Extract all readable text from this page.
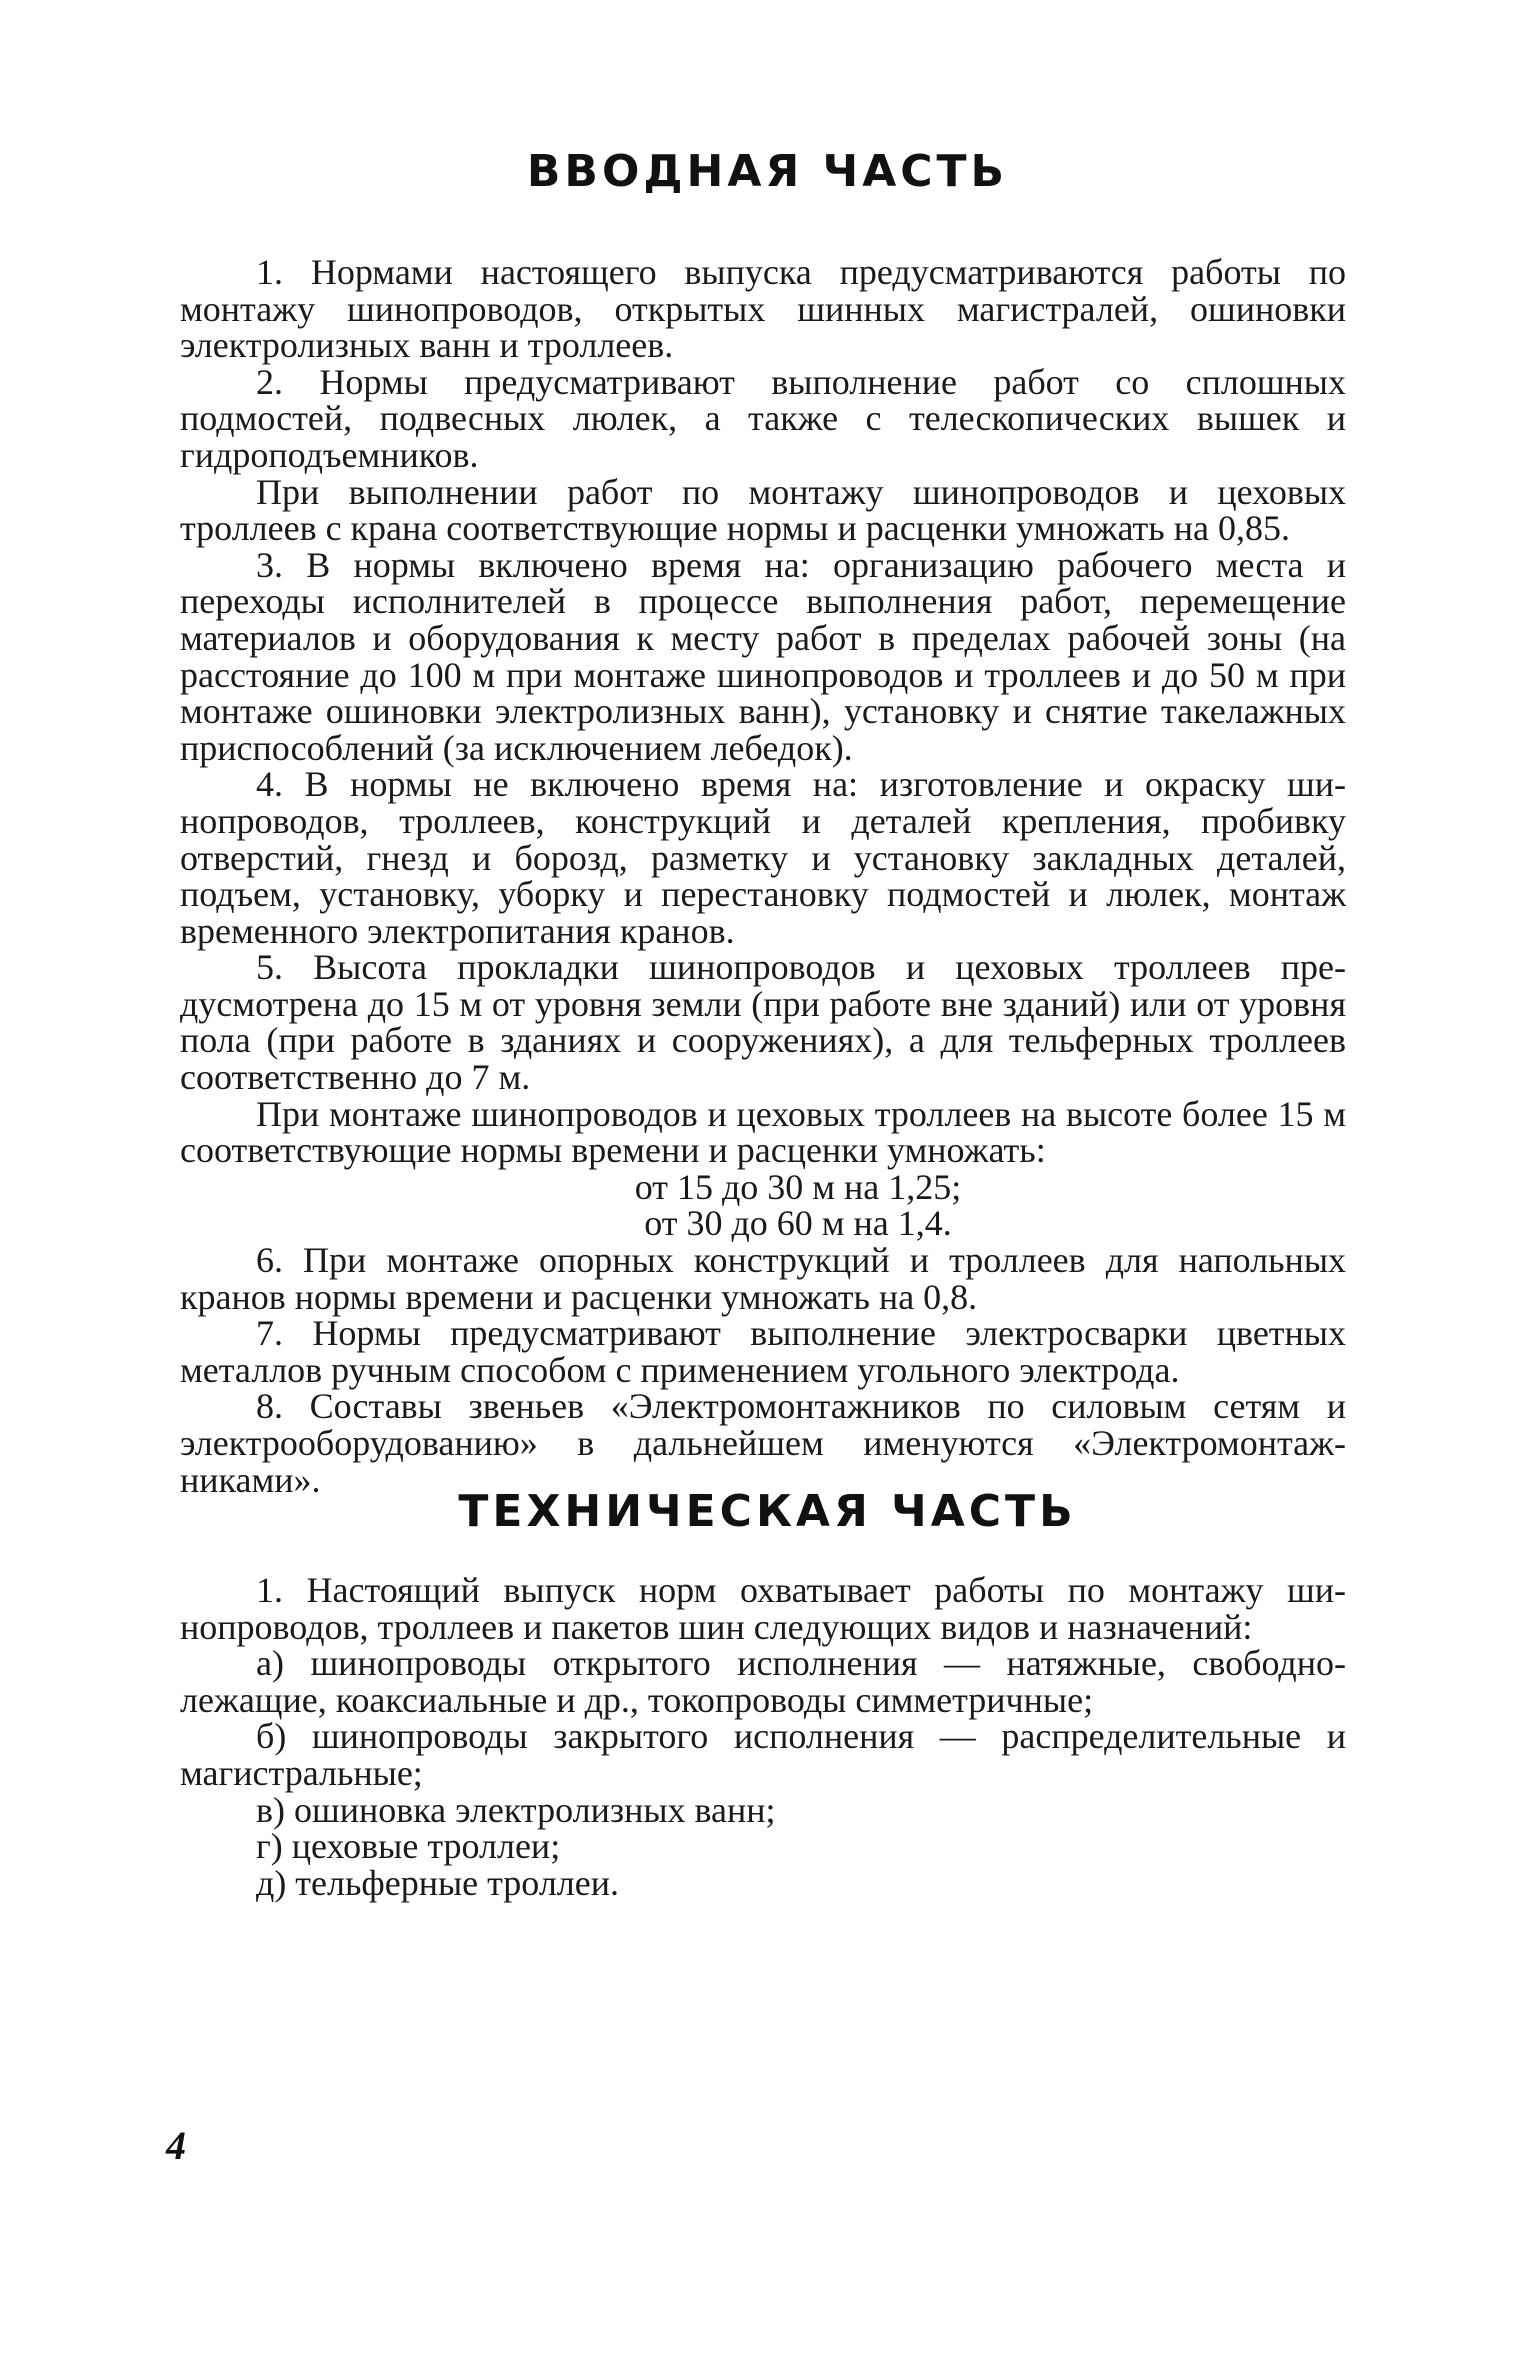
ВВОДНАЯ ЧАСТЬ

1. Нормами настоящего выпуска предусматриваются работы по монтажу шинопроводов, открытых шинных магистралей, ошиновки электролизных ванн и троллеев.

2. Нормы предусматривают выполнение работ со сплошных подмостей, подвесных люлек, а также с телескопических вышек и гидроподъемников.

При выполнении работ по монтажу шинопроводов и цеховых троллеев с крана соответствующие нормы и расценки умножать на 0,85.

3. В нормы включено время на: организацию рабочего места и переходы исполнителей в процессе выполнения работ, перемещение материалов и оборудования к месту работ в пределах рабочей зоны (на расстояние до 100 м при монтаже шинопроводов и троллеев и до 50 м при монтаже ошиновки электролизных ванн), установку и снятие такелажных приспособлений (за исключением лебедок).

4. В нормы не включено время на: изготовление и окраску шинопроводов, троллеев, конструкций и деталей крепления, пробивку отверстий, гнезд и борозд, разметку и установку закладных деталей, подъем, установку, уборку и перестановку подмостей и люлек, монтаж временного электропитания кранов.

5. Высота прокладки шинопроводов и цеховых троллеев предусмотрена до 15 м от уровня земли (при работе вне зданий) или от уровня пола (при работе в зданиях и сооружениях), а для тельферных троллеев соответственно до 7 м.

При монтаже шинопроводов и цеховых троллеев на высоте более 15 м соответствующие нормы времени и расценки умножать:

от 15 до 30 м на 1,25;

от 30 до 60 м на 1,4.

6. При монтаже опорных конструкций и троллеев для напольных кранов нормы времени и расценки умножать на 0,8.

7. Нормы предусматривают выполнение электросварки цветных металлов ручным способом с применением угольного электрода.

8. Составы звеньев «Электромонтажников по силовым сетям и электрооборудованию» в дальнейшем именуются «Электромонтажниками».

ТЕХНИЧЕСКАЯ ЧАСТЬ

1. Настоящий выпуск норм охватывает работы по монтажу шинопроводов, троллеев и пакетов шин следующих видов и назначений:

а) шинопроводы открытого исполнения — натяжные, свободнолежащие, коаксиальные и др., токопроводы симметричные;

б) шинопроводы закрытого исполнения — распределительные и магистральные;

в) ошиновка электролизных ванн;

г) цеховые троллеи;

д) тельферные троллеи.

4
